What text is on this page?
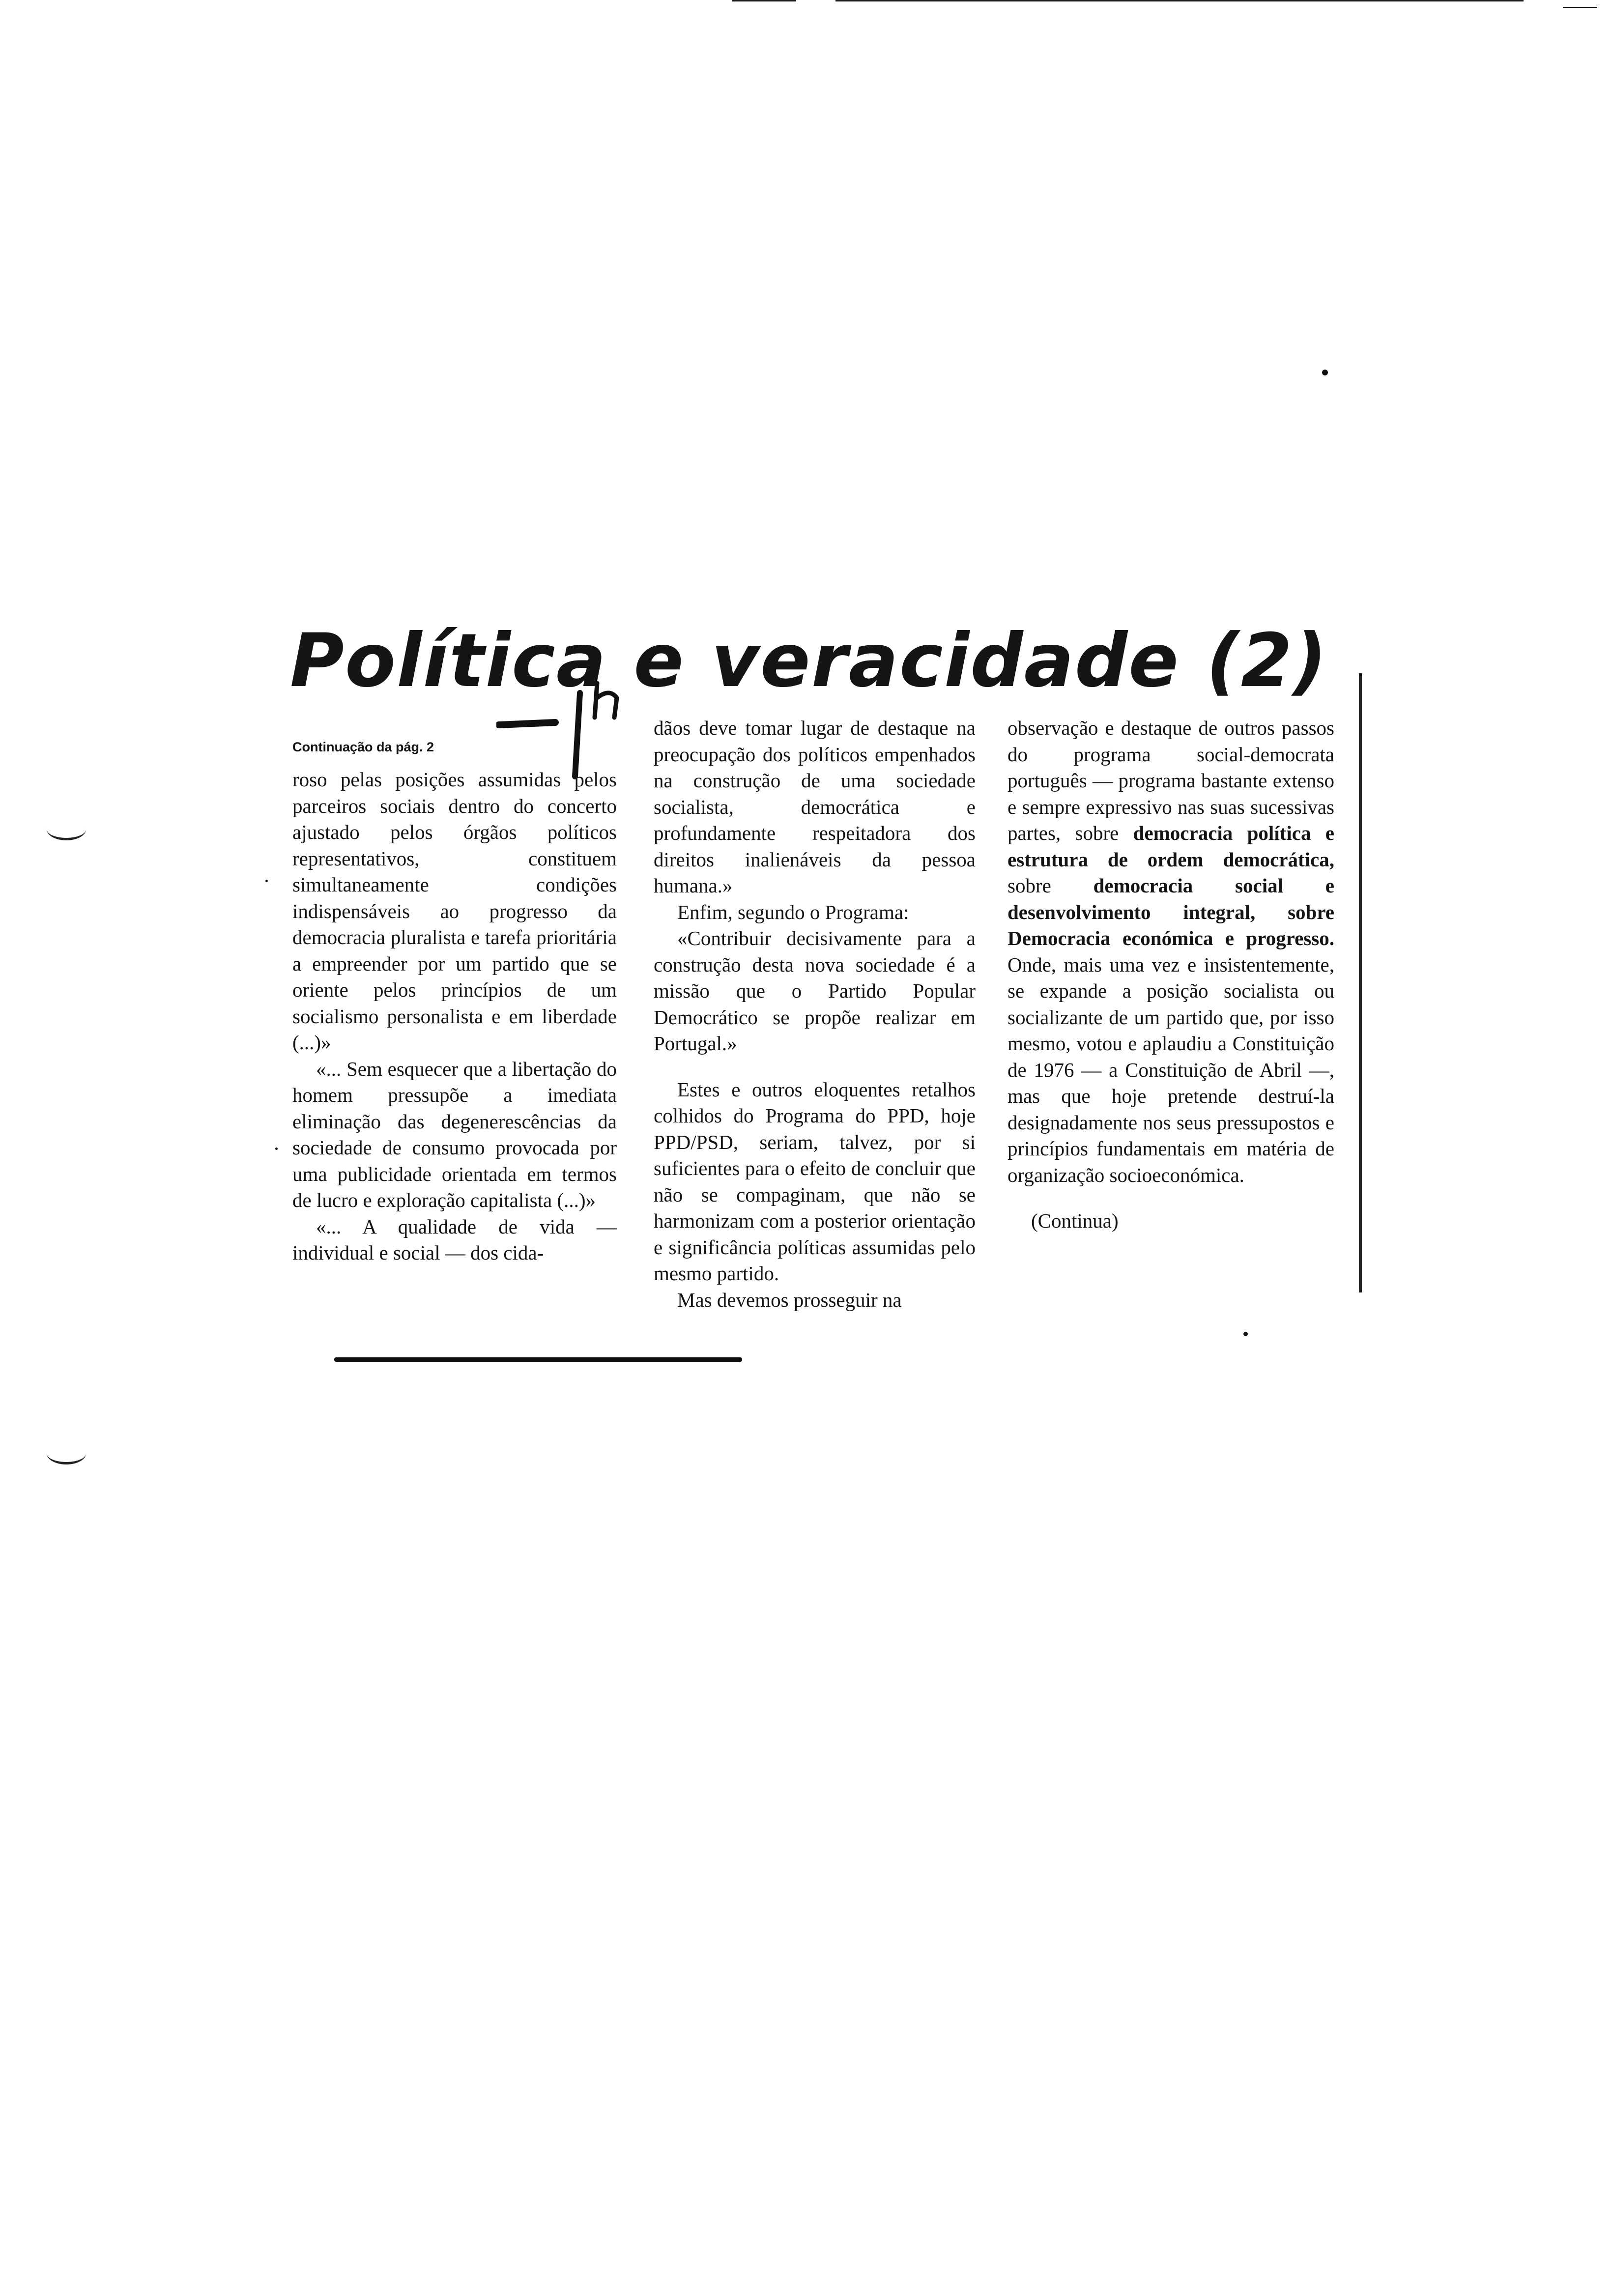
Política e veracidade (2)

Continuação da pág. 2

roso pelas posições assumidas pelos parceiros sociais dentro do concerto ajustado pelos órgãos políticos representativos, constituem simultaneamente condições indispensáveis ao progresso da democracia pluralista e tarefa prioritária a empreender por um partido que se oriente pelos princípios de um socialismo personalista e em liberdade (...)»

«... Sem esquecer que a libertação do homem pressupõe a imediata eliminação das degenerescências da sociedade de consumo provocada por uma publicidade orientada em termos de lucro e exploração capitalista (...)»

«... A qualidade de vida — individual e social — dos cida-

dãos deve tomar lugar de destaque na preocupação dos políticos empenhados na construção de uma sociedade socialista, democrática e profundamente respeitadora dos direitos inalienáveis da pessoa humana.»

Enfim, segundo o Programa:

«Contribuir decisivamente para a construção desta nova sociedade é a missão que o Partido Popular Democrático se propõe realizar em Portugal.»

Estes e outros eloquentes retalhos colhidos do Programa do PPD, hoje PPD/PSD, seriam, talvez, por si suficientes para o efeito de concluir que não se compaginam, que não se harmonizam com a posterior orientação e significância políticas assumidas pelo mesmo partido.

Mas devemos prosseguir na

observação e destaque de outros passos do programa social-democrata português — programa bastante extenso e sempre expressivo nas suas sucessivas partes, sobre democracia política e estrutura de ordem democrática, sobre democracia social e desenvolvimento integral, sobre Democracia económica e progresso. Onde, mais uma vez e insistentemente, se expande a posição socialista ou socializante de um partido que, por isso mesmo, votou e aplaudiu a Constituição de 1976 — a Constituição de Abril —, mas que hoje pretende destruí-la designadamente nos seus pressupostos e princípios fundamentais em matéria de organização socioeconómica.

(Continua)
